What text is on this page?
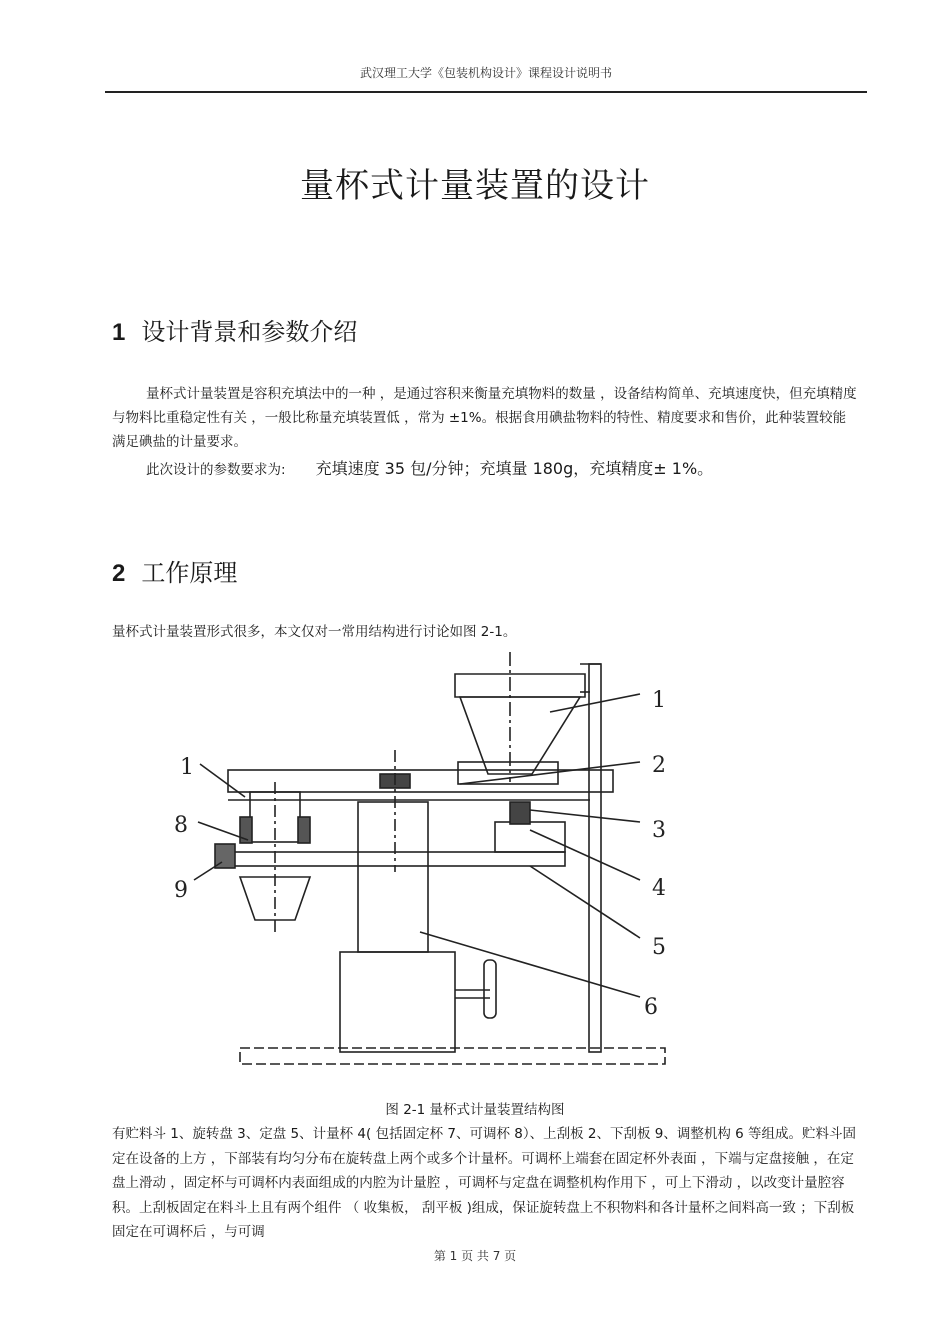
武汉理工大学《包装机构设计》课程设计说明书
量杯式计量装置的设计
1 设计背景和参数介绍
量杯式计量装置是容积充填法中的一种 ，是通过容积来衡量充填物料的数量 ，设备结构简单、充填速度快，但充填精度与物料比重稳定性有关 ，一般比称量充填装置低 ，常为 ±1%。根据食用碘盐物料的特性、精度要求和售价，此种装置较能满足碘盐的计量要求。
此次设计的参数要求为: 充填速度 35 包/分钟；充填量 180g，充填精度± 1%。
2 工作原理
量杯式计量装置形式很多，本文仅对一常用结构进行讨论如图 2-1。
1
2
3
4
5
6
1
8
9
图 2-1 量杯式计量装置结构图
有贮料斗 1、旋转盘 3、定盘 5、计量杯 4( 包括固定杯 7、可调杯 8）、上刮板 2、下刮板 9、调整机构 6 等组成。贮料斗固定在设备的上方 ，下部装有均匀分布在旋转盘上两个或多个计量杯。可调杯上端套在固定杯外表面 ，下端与定盘接触 ，在定盘上滑动 ，固定杯与可调杯内表面组成的内腔为计量腔 ，可调杯与定盘在调整机构作用下 ，可上下滑动 ，以改变计量腔容积。上刮板固定在料斗上且有两个组件 （ 收集板， 刮平板 )组成，保证旋转盘上不积物料和各计量杯之间料高一致 ；下刮板固定在可调杯后 ，与可调
第 1 页 共 7 页
